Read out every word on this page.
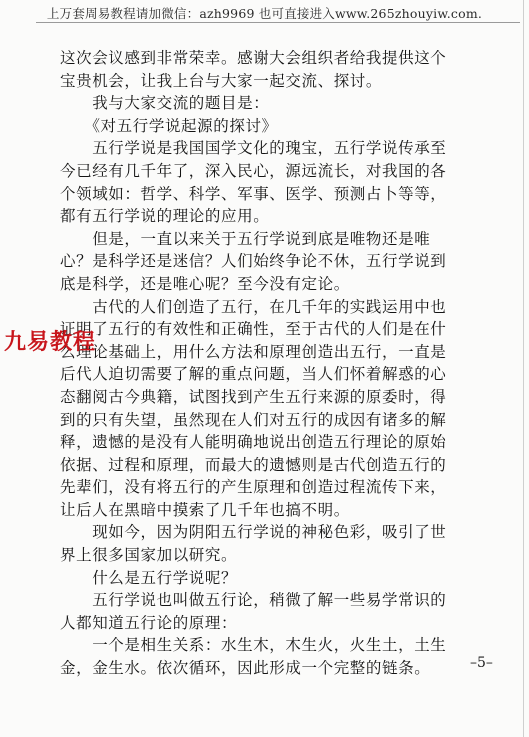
上万套周易教程请加微信：azh9969 也可直接进入www.265zhouyiw.com.
这次会议感到非常荣幸。感谢大会组织者给我提供这个
宝贵机会，让我上台与大家一起交流、探讨。
　　我与大家交流的题目是：
　　《对五行学说起源的探讨》
　　五行学说是我国国学文化的瑰宝，五行学说传承至
今已经有几千年了，深入民心，源远流长，对我国的各
个领域如：哲学、科学、军事、医学、预测占卜等等，
都有五行学说的理论的应用。
　　但是，一直以来关于五行学说到底是唯物还是唯
心？是科学还是迷信？人们始终争论不休，五行学说到
底是科学，还是唯心呢？至今没有定论。
　　古代的人们创造了五行，在几千年的实践运用中也
证明了五行的有效性和正确性，至于古代的人们是在什
么理论基础上，用什么方法和原理创造出五行，一直是
后代人迫切需要了解的重点问题，当人们怀着解惑的心
态翻阅古今典籍，试图找到产生五行来源的原委时，得
到的只有失望，虽然现在人们对五行的成因有诸多的解
释，遗憾的是没有人能明确地说出创造五行理论的原始
依据、过程和原理，而最大的遗憾则是古代创造五行的
先辈们，没有将五行的产生原理和创造过程流传下来，
让后人在黑暗中摸索了几千年也搞不明。
　　现如今，因为阴阳五行学说的神秘色彩，吸引了世
界上很多国家加以研究。
　　什么是五行学说呢？
　　五行学说也叫做五行论，稍微了解一些易学常识的
人都知道五行论的原理：
　　一个是相生关系：水生木，木生火，火生土，土生
金，金生水。依次循环，因此形成一个完整的链条。
九易教程
–5–
